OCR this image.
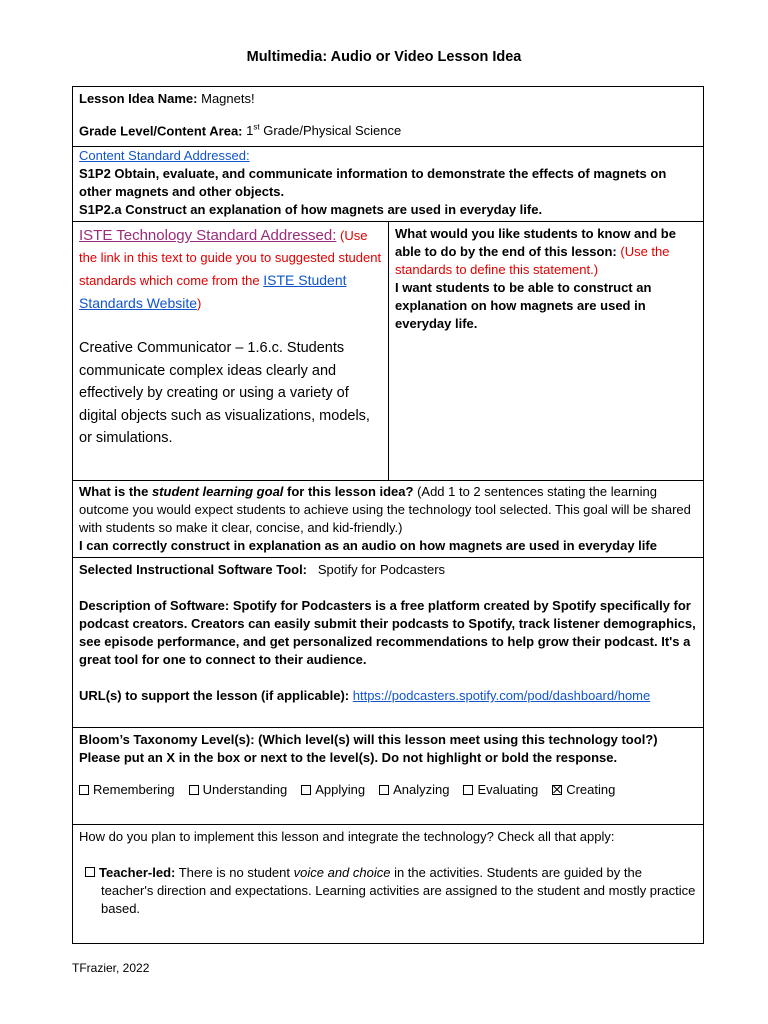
Multimedia: Audio or Video Lesson Idea
Lesson Idea Name: Magnets!
Grade Level/Content Area: 1st Grade/Physical Science
Content Standard Addressed:
S1P2 Obtain, evaluate, and communicate information to demonstrate the effects of magnets on other magnets and other objects.
S1P2.a Construct an explanation of how magnets are used in everyday life.
ISTE Technology Standard Addressed: (Use the link in this text to guide you to suggested student standards which come from the ISTE Student Standards Website)
Creative Communicator – 1.6.c. Students communicate complex ideas clearly and effectively by creating or using a variety of digital objects such as visualizations, models, or simulations.
What would you like students to know and be able to do by the end of this lesson: (Use the standards to define this statement.)
I want students to be able to construct an explanation on how magnets are used in everyday life.
What is the student learning goal for this lesson idea? (Add 1 to 2 sentences stating the learning outcome you would expect students to achieve using the technology tool selected. This goal will be shared with students so make it clear, concise, and kid-friendly.)
I can correctly construct in explanation as an audio on how magnets are used in everyday life
Selected Instructional Software Tool: Spotify for Podcasters
Description of Software: Spotify for Podcasters is a free platform created by Spotify specifically for podcast creators. Creators can easily submit their podcasts to Spotify, track listener demographics, see episode performance, and get personalized recommendations to help grow their podcast. It's a great tool for one to connect to their audience.
URL(s) to support the lesson (if applicable): https://podcasters.spotify.com/pod/dashboard/home
Bloom’s Taxonomy Level(s): (Which level(s) will this lesson meet using this technology tool?) Please put an X in the box or next to the level(s). Do not highlight or bold the response.
Remembering Understanding Applying Analyzing Evaluating Creating
How do you plan to implement this lesson and integrate the technology? Check all that apply:
Teacher-led: There is no student voice and choice in the activities. Students are guided by the teacher's direction and expectations. Learning activities are assigned to the student and mostly practice based.
TFrazier, 2022
